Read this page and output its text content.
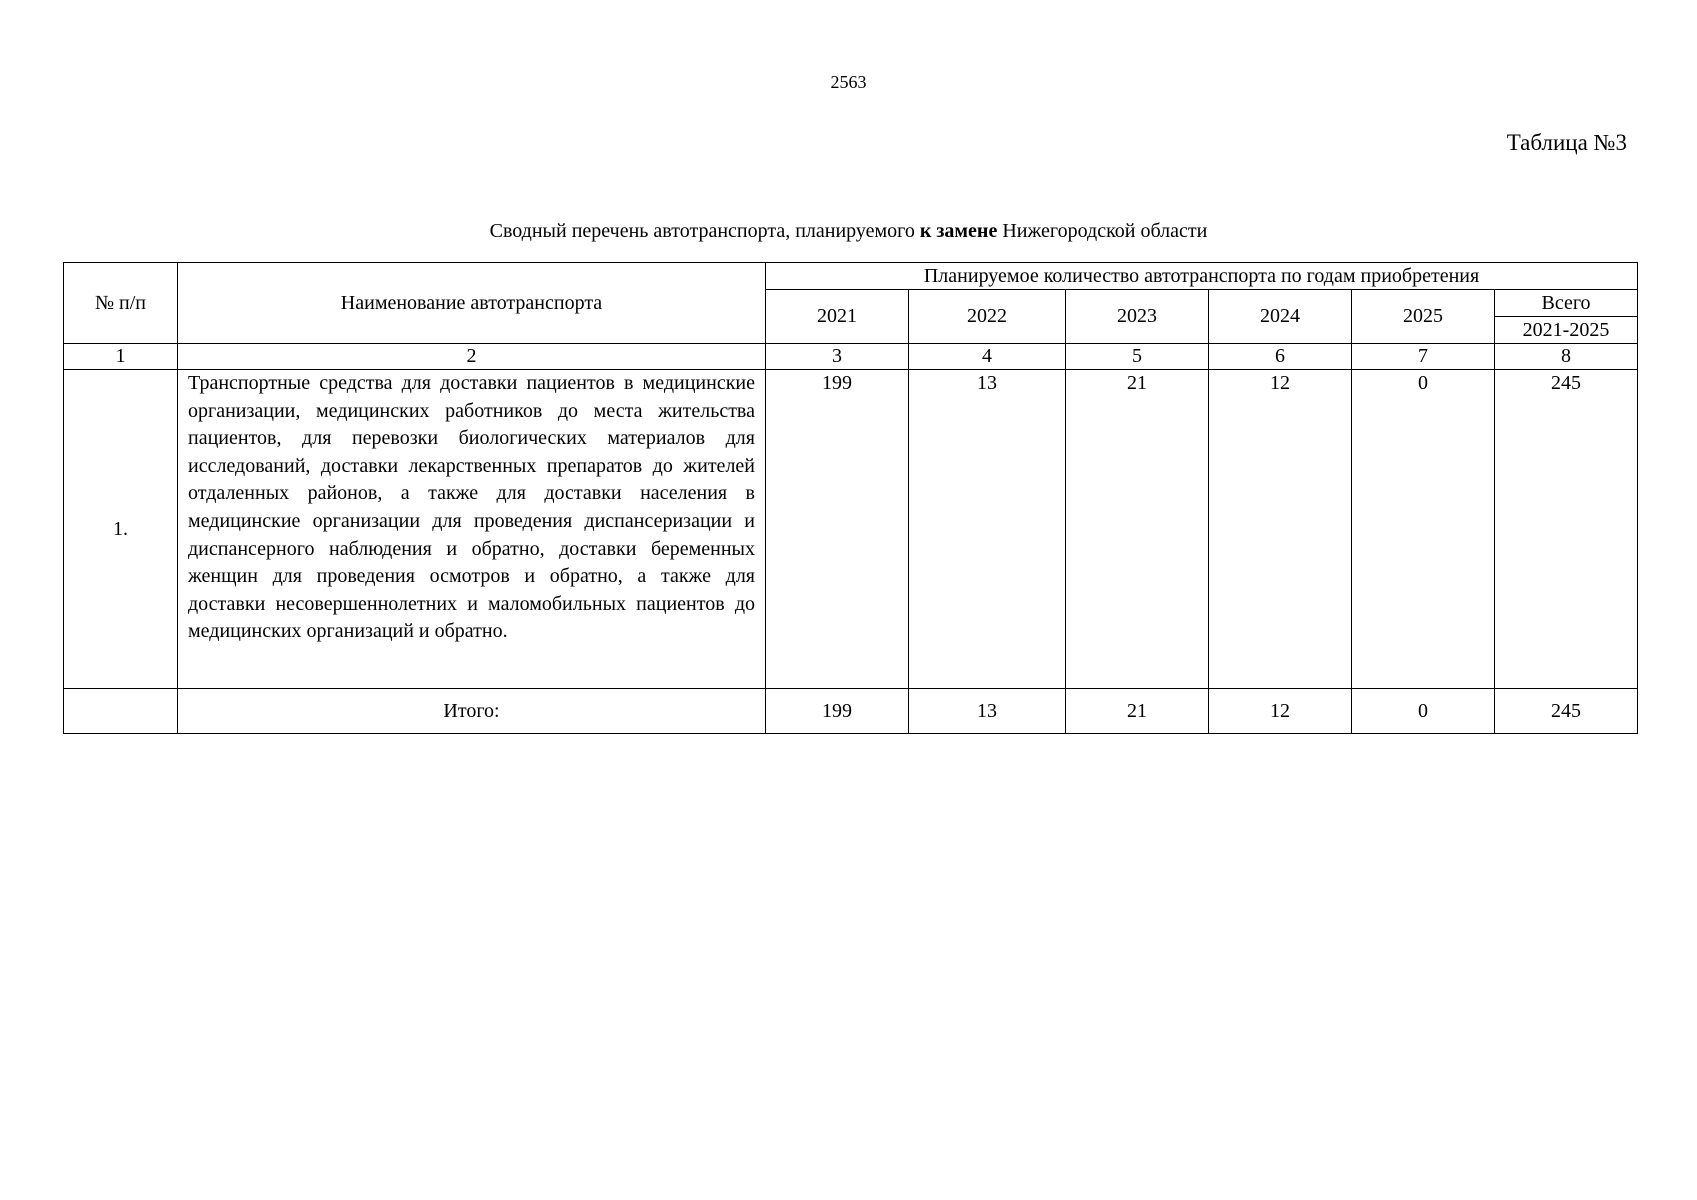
2563
Таблица №3
Сводный перечень автотранспорта, планируемого к замене Нижегородской области
№ п/п	Наименование автотранспорта	Планируемое количество автотранспорта по годам приобретения					
		2021	2022	2023	2024	2025	Всего
							2021-2025
1	2	3	4	5	6	7	8
1.	Транспортные средства для доставки пациентов в медицинские организации, медицинских работников до места жительства пациентов, для перевозки биологических материалов для исследований, доставки лекарственных препаратов до жителей отдаленных районов, а также для доставки населения в медицинские организации для проведения диспансеризации и диспансерного наблюдения и обратно, доставки беременных женщин для проведения осмотров и обратно, а также для доставки несовершеннолетних и маломобильных пациентов до медицинских организаций и обратно.	199	13	21	12	0	245
	Итого:	199	13	21	12	0	245
